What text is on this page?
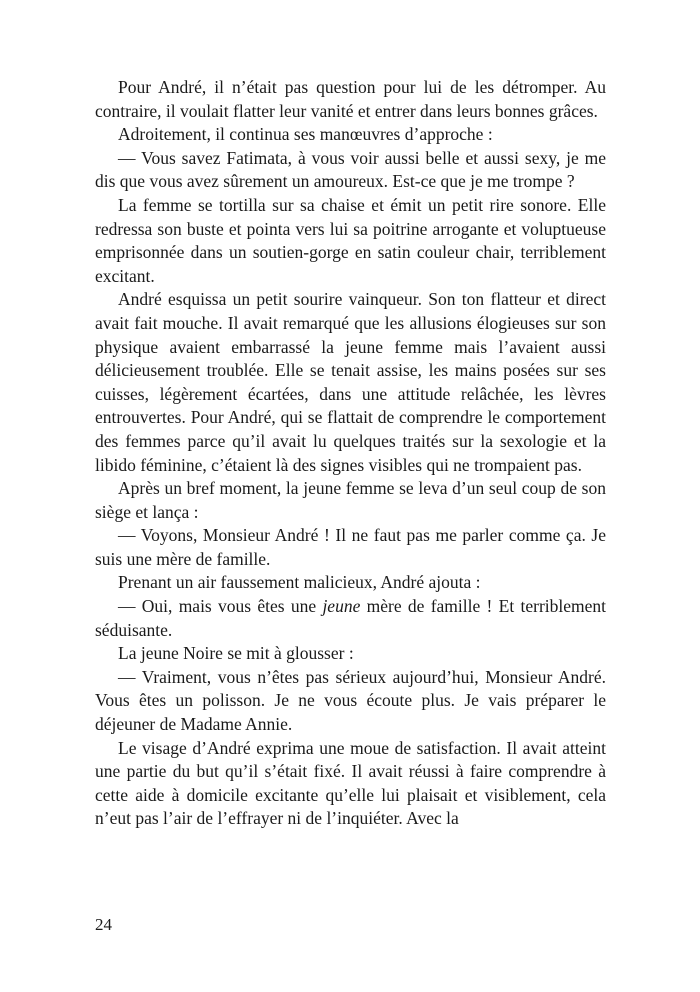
Pour André, il n’était pas question pour lui de les détromper. Au contraire, il voulait flatter leur vanité et entrer dans leurs bonnes grâces.

Adroitement, il continua ses manœuvres d’approche :

— Vous savez Fatimata, à vous voir aussi belle et aussi sexy, je me dis que vous avez sûrement un amoureux. Est-ce que je me trompe ?

La femme se tortilla sur sa chaise et émit un petit rire sonore. Elle redressa son buste et pointa vers lui sa poitrine arrogante et voluptueuse emprisonnée dans un soutien-gorge en satin couleur chair, terriblement excitant.

André esquissa un petit sourire vainqueur. Son ton flatteur et direct avait fait mouche. Il avait remarqué que les allusions élogieuses sur son physique avaient embarrassé la jeune femme mais l’avaient aussi délicieusement troublée. Elle se tenait assise, les mains posées sur ses cuisses, légèrement écartées, dans une attitude relâchée, les lèvres entrouvertes. Pour André, qui se flattait de comprendre le comportement des femmes parce qu’il avait lu quelques traités sur la sexologie et la libido féminine, c’étaient là des signes visibles qui ne trompaient pas.

Après un bref moment, la jeune femme se leva d’un seul coup de son siège et lança :

— Voyons, Monsieur André ! Il ne faut pas me parler comme ça. Je suis une mère de famille.

Prenant un air faussement malicieux, André ajouta :

— Oui, mais vous êtes une jeune mère de famille ! Et terriblement séduisante.

La jeune Noire se mit à glousser :

— Vraiment, vous n’êtes pas sérieux aujourd’hui, Monsieur André. Vous êtes un polisson. Je ne vous écoute plus. Je vais préparer le déjeuner de Madame Annie.

Le visage d’André exprima une moue de satisfaction. Il avait atteint une partie du but qu’il s’était fixé. Il avait réussi à faire comprendre à cette aide à domicile excitante qu’elle lui plaisait et visiblement, cela n’eut pas l’air de l’effrayer ni de l’inquiéter. Avec la

24
